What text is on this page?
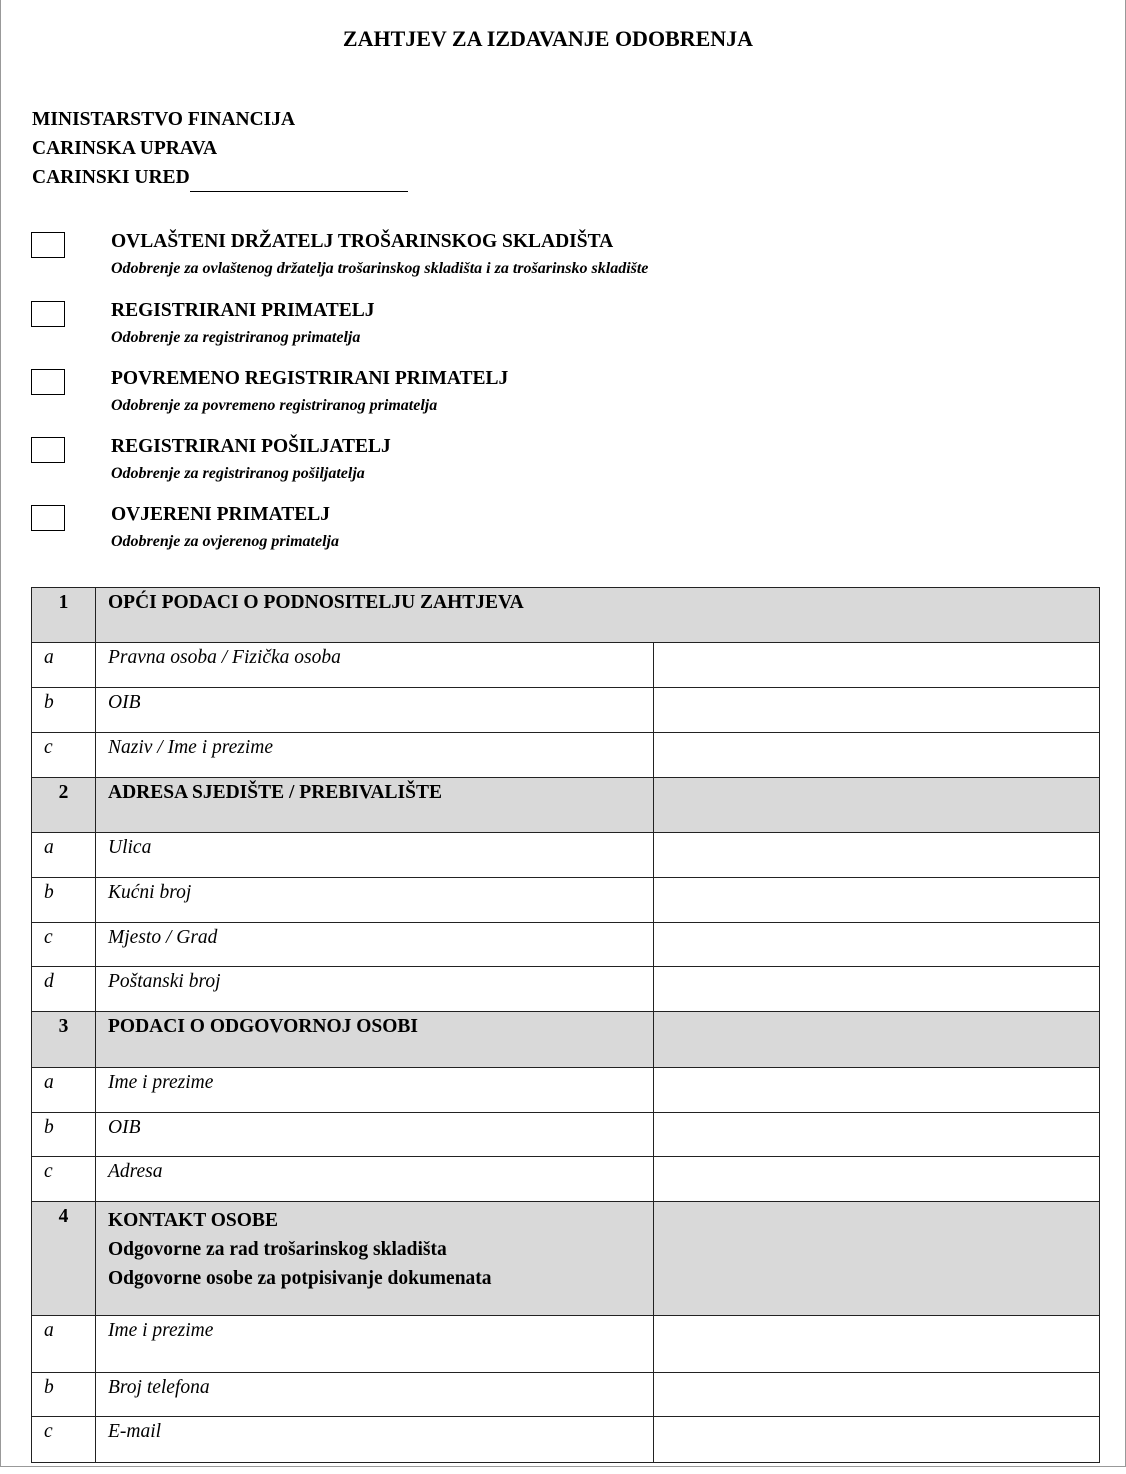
ZAHTJEV ZA IZDAVANJE ODOBRENJA
MINISTARSTVO FINANCIJA
CARINSKA UPRAVA
CARINSKI URED
OVLAŠTENI DRŽATELJ TROŠARINSKOG SKLADIŠTA
Odobrenje za ovlaštenog držatelja trošarinskog skladišta i za trošarinsko skladište
REGISTRIRANI PRIMATELJ
Odobrenje za registriranog primatelja
POVREMENO REGISTRIRANI PRIMATELJ
Odobrenje za povremeno registriranog primatelja
REGISTRIRANI POŠILJATELJ
Odobrenje za registriranog pošiljatelja
OVJERENI PRIMATELJ
Odobrenje za ovjerenog primatelja
1	OPĆI PODACI O PODNOSITELJU ZAHTJEVA	
a	Pravna osoba / Fizička osoba	
b	OIB	
c	Naziv / Ime i prezime	
2	ADRESA SJEDIŠTE / PREBIVALIŠTE	
a	Ulica	
b	Kućni broj	
c	Mjesto / Grad	
d	Poštanski broj	
3	PODACI O ODGOVORNOJ OSOBI	
a	Ime i prezime	
b	OIB	
c	Adresa	
4	KONTAKT OSOBE
Odgovorne za rad trošarinskog skladišta
Odgovorne osobe za potpisivanje dokumenata	

a	Ime i prezime	
b	Broj telefona	
c	E-mail	
